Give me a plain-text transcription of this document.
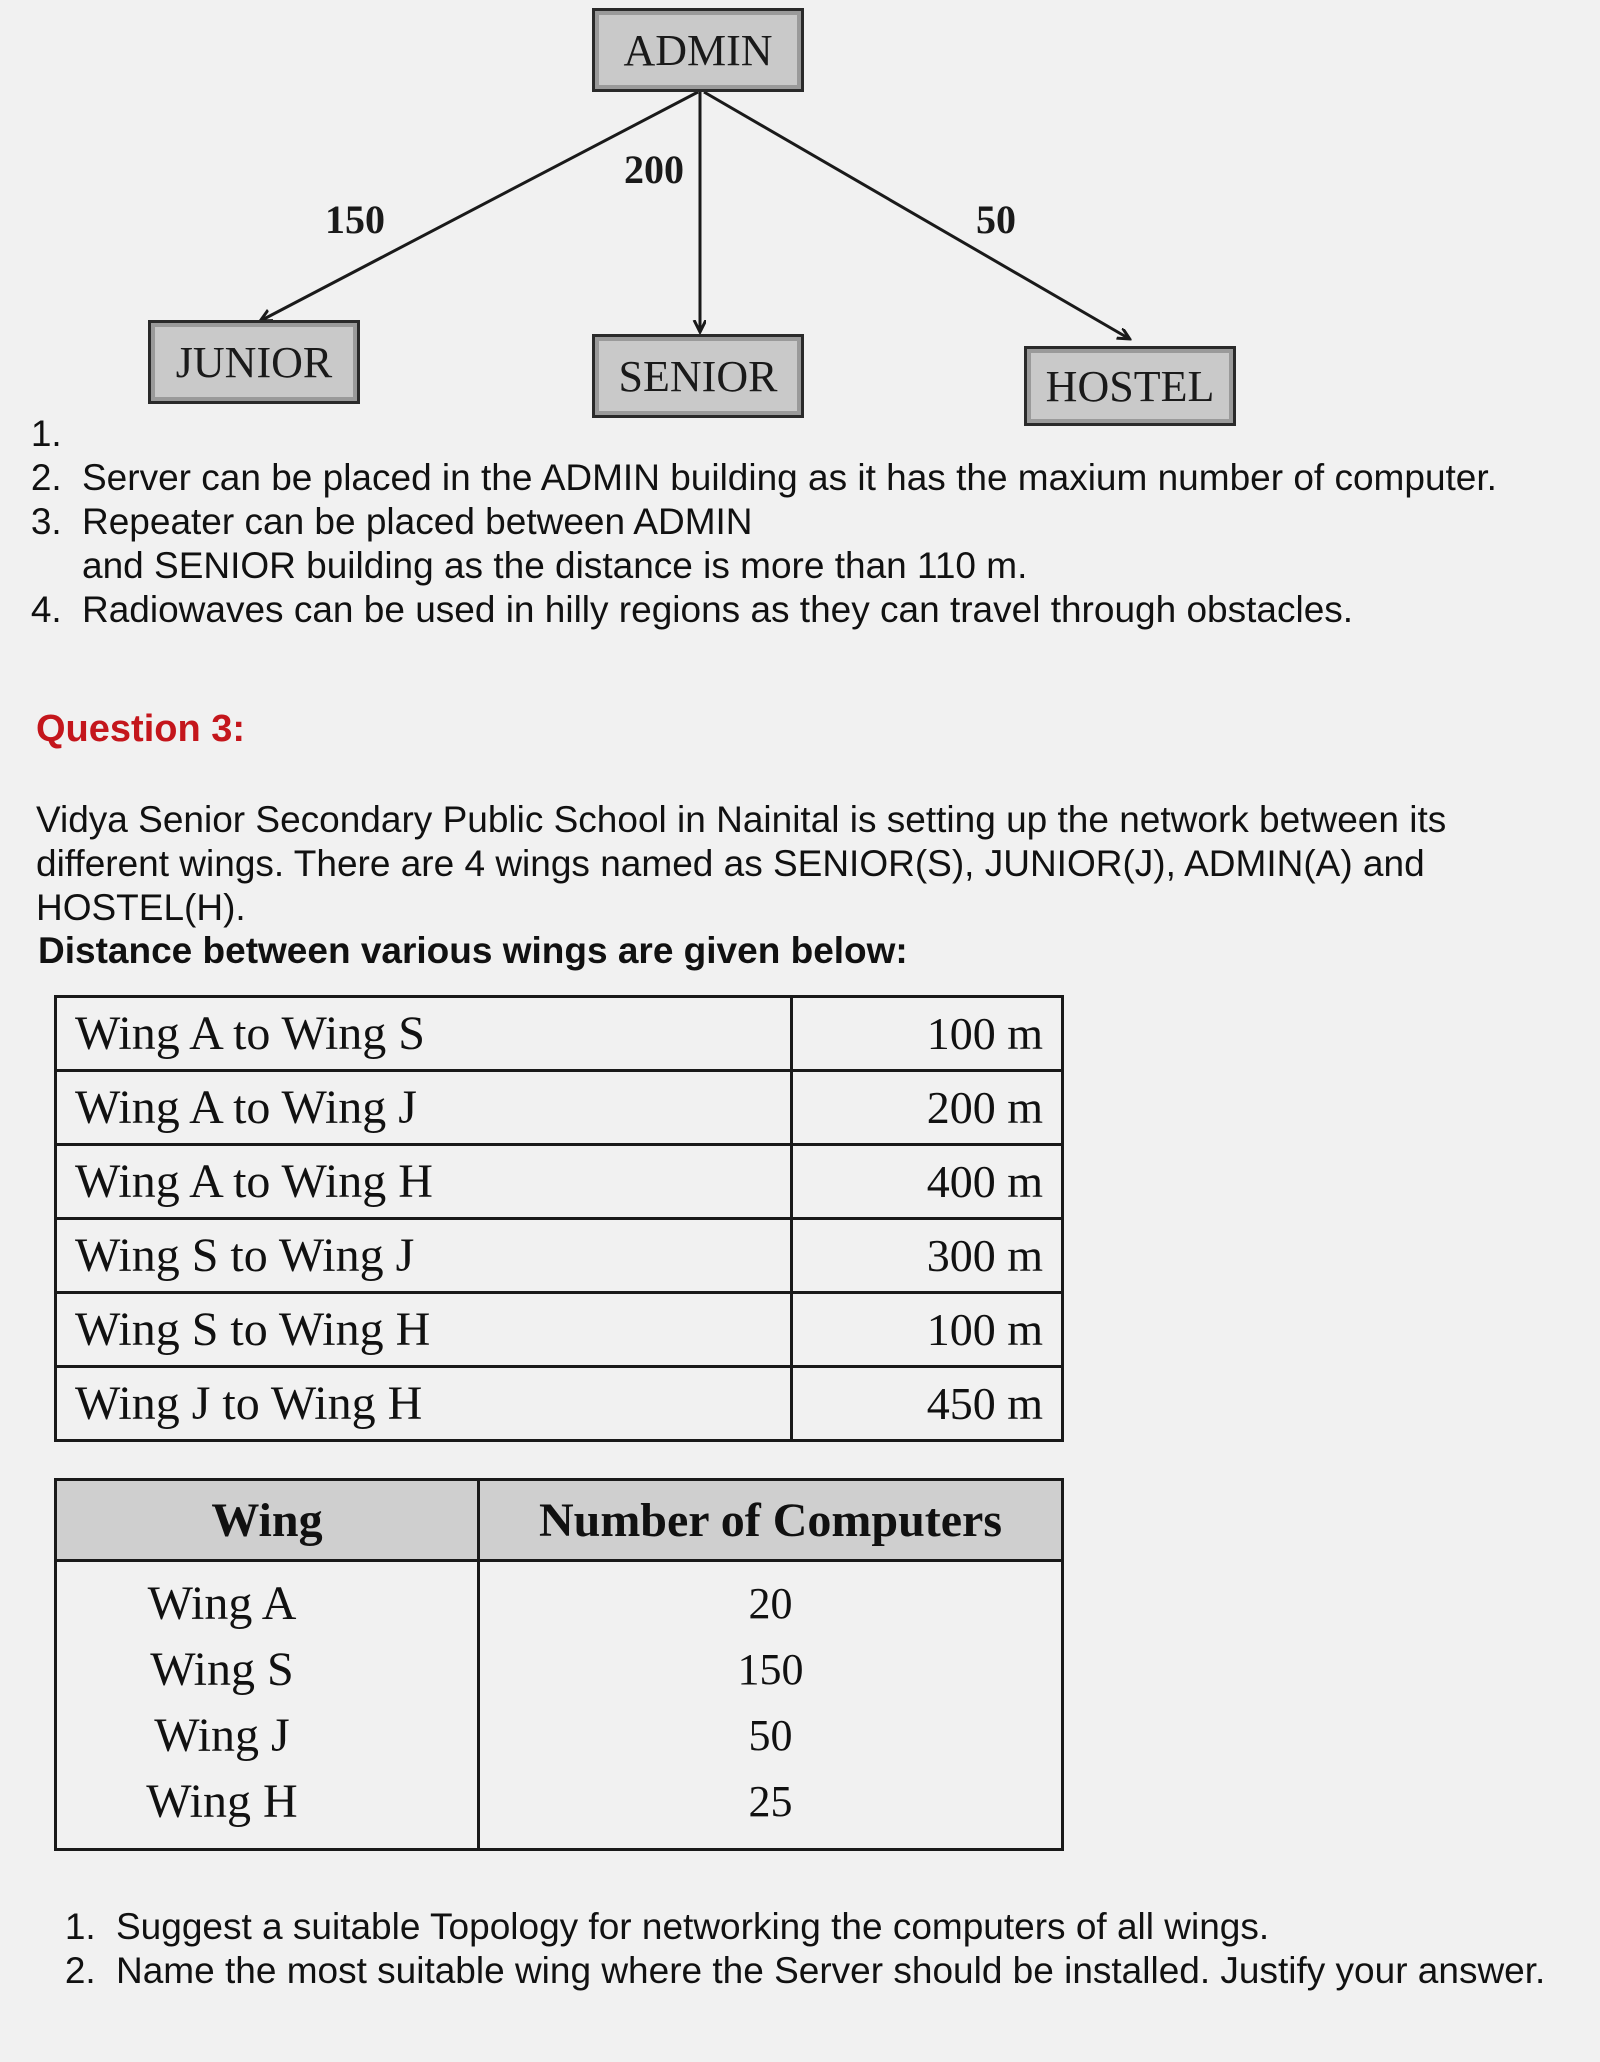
ADMIN
JUNIOR	SENIOR	HOSTEL
150
200
50
1.
2. Server can be placed in the ADMIN building as it has the maxium number of computer.
3. Repeater can be placed between ADMIN
and SENIOR building as the distance is more than 110 m.
4. Radiowaves can be used in hilly regions as they can travel through obstacles.
Question 3:
Vidya Senior Secondary Public School in Nainital is setting up the network between its different wings. There are 4 wings named as SENIOR(S), JUNIOR(J), ADMIN(A) and HOSTEL(H).
Distance between various wings are given below:
Wing A to Wing S	100 m
Wing A to Wing J	200 m
Wing A to Wing H	400 m
Wing S to Wing J	300 m
Wing S to Wing H	100 m
Wing J to Wing H	450 m
Wing	Number of Computers
Wing A	20
Wing S	150
Wing J	50
Wing H	25
1. Suggest a suitable Topology for networking the computers of all wings.
2. Name the most suitable wing where the Server should be installed. Justify your answer.
